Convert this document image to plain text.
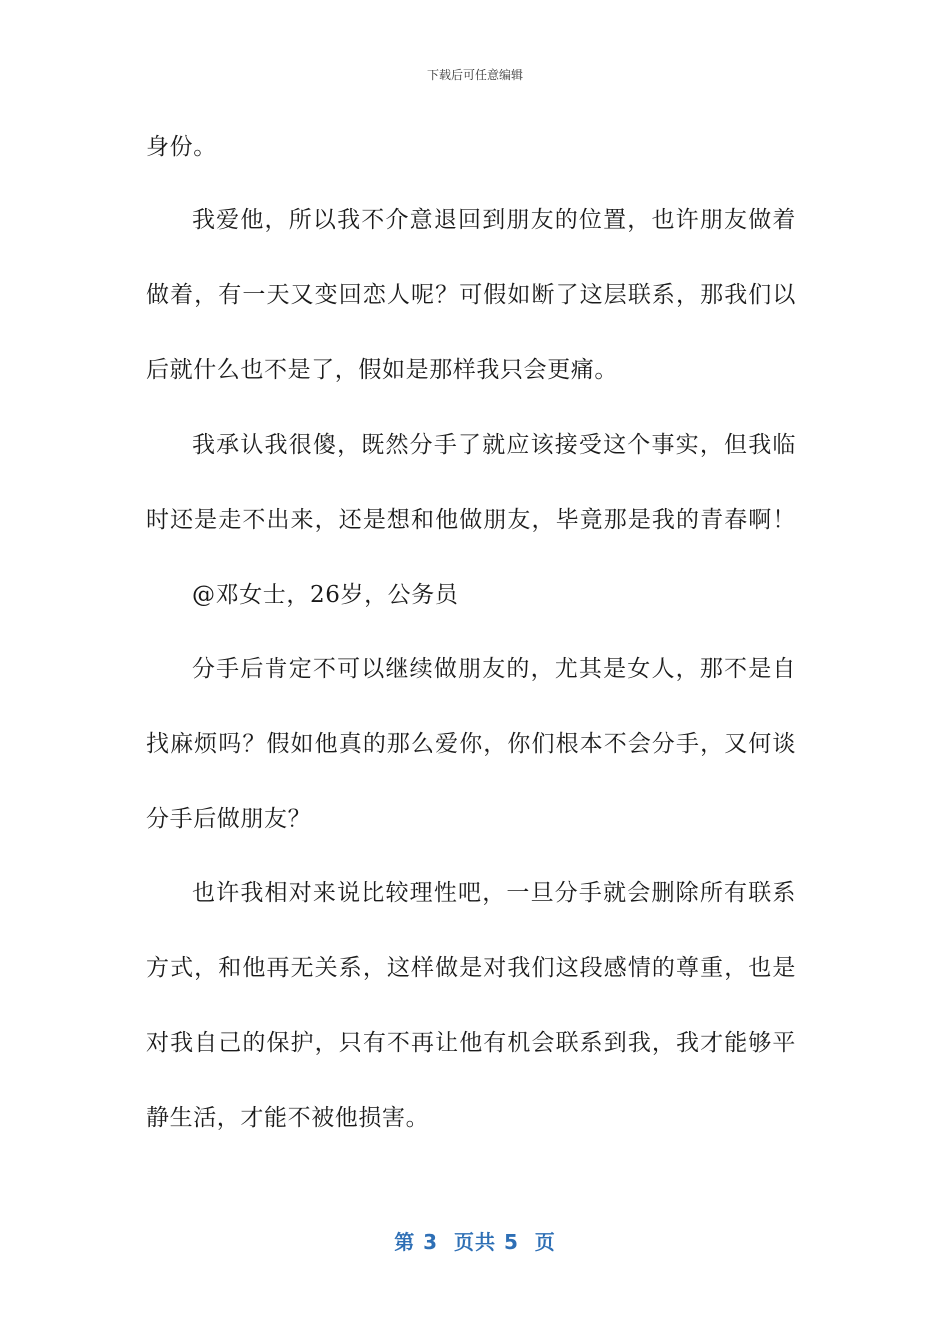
下载后可任意编辑
身份。
我爱他，所以我不介意退回到朋友的位置，也许朋友做着
做着，有一天又变回恋人呢？可假如断了这层联系，那我们以
后就什么也不是了，假如是那样我只会更痛。
我承认我很傻，既然分手了就应该接受这个事实，但我临
时还是走不出来，还是想和他做朋友，毕竟那是我的青春啊！
@邓女士，26岁，公务员
分手后肯定不可以继续做朋友的，尤其是女人，那不是自
找麻烦吗？假如他真的那么爱你，你们根本不会分手，又何谈
分手后做朋友？
也许我相对来说比较理性吧，一旦分手就会删除所有联系
方式，和他再无关系，这样做是对我们这段感情的尊重，也是
对我自己的保护，只有不再让他有机会联系到我，我才能够平
静生活，才能不被他损害。
第 3  页共 5  页
